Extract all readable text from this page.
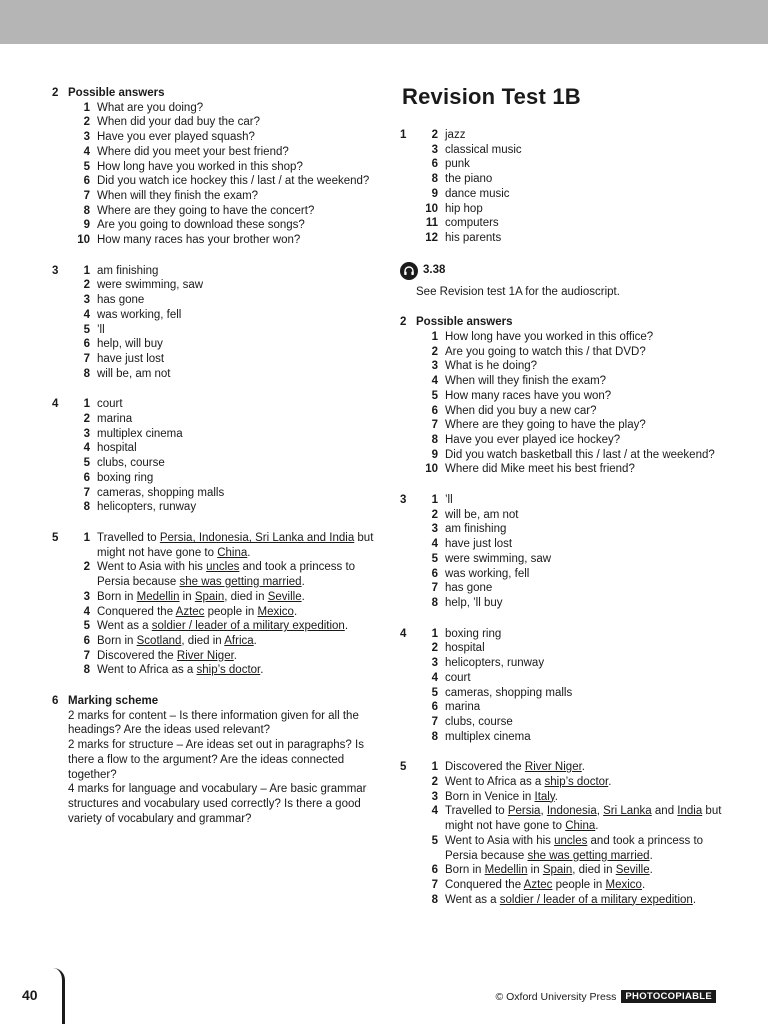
2 Possible answers
1 What are you doing?
2 When did your dad buy the car?
3 Have you ever played squash?
4 Where did you meet your best friend?
5 How long have you worked in this shop?
6 Did you watch ice hockey this / last / at the weekend?
7 When will they finish the exam?
8 Where are they going to have the concert?
9 Are you going to download these songs?
10 How many races has your brother won?
3	1 am finishing
2 were swimming, saw
3 has gone
4 was working, fell
5 ’ll
6 help, will buy
7 have just lost
8 will be, am not
4	1 court
2 marina
3 multiplex cinema
4 hospital
5 clubs, course
6 boxing ring
7 cameras, shopping malls
8 helicopters, runway
5	1 Travelled to Persia, Indonesia, Sri Lanka and India but might not have gone to China.
2 Went to Asia with his uncles and took a princess to Persia because she was getting married.
3 Born in Medellin in Spain, died in Seville.
4 Conquered the Aztec people in Mexico.
5 Went as a soldier / leader of a military expedition.
6 Born in Scotland, died in Africa.
7 Discovered the River Niger.
8 Went to Africa as a ship’s doctor.
6 Marking scheme
2 marks for content – Is there information given for all the headings? Are the ideas used relevant?
2 marks for structure – Are ideas set out in paragraphs? Is there a flow to the argument? Are the ideas connected together?
4 marks for language and vocabulary – Are basic grammar structures and vocabulary used correctly? Is there a good variety of vocabulary and grammar?
Revision Test 1B
1	2 jazz
3 classical music
6 punk
8 the piano
9 dance music
10 hip hop
11 computers
12 his parents
3.38
See Revision test 1A for the audioscript.
2 Possible answers
1 How long have you worked in this office?
2 Are you going to watch this / that DVD?
3 What is he doing?
4 When will they finish the exam?
5 How many races have you won?
6 When did you buy a new car?
7 Where are they going to have the play?
8 Have you ever played ice hockey?
9 Did you watch basketball this / last / at the weekend?
10 Where did Mike meet his best friend?
3	1 ’ll
2 will be, am not
3 am finishing
4 have just lost
5 were swimming, saw
6 was working, fell
7 has gone
8 help, ’ll buy
4	1 boxing ring
2 hospital
3 helicopters, runway
4 court
5 cameras, shopping malls
6 marina
7 clubs, course
8 multiplex cinema
5	1 Discovered the River Niger.
2 Went to Africa as a ship’s doctor.
3 Born in Venice in Italy.
4 Travelled to Persia, Indonesia, Sri Lanka and India but might not have gone to China.
5 Went to Asia with his uncles and took a princess to Persia because she was getting married.
6 Born in Medellin in Spain, died in Seville.
7 Conquered the Aztec people in Mexico.
8 Went as a soldier / leader of a military expedition.
40	© Oxford University Press PHOTOCOPIABLE
